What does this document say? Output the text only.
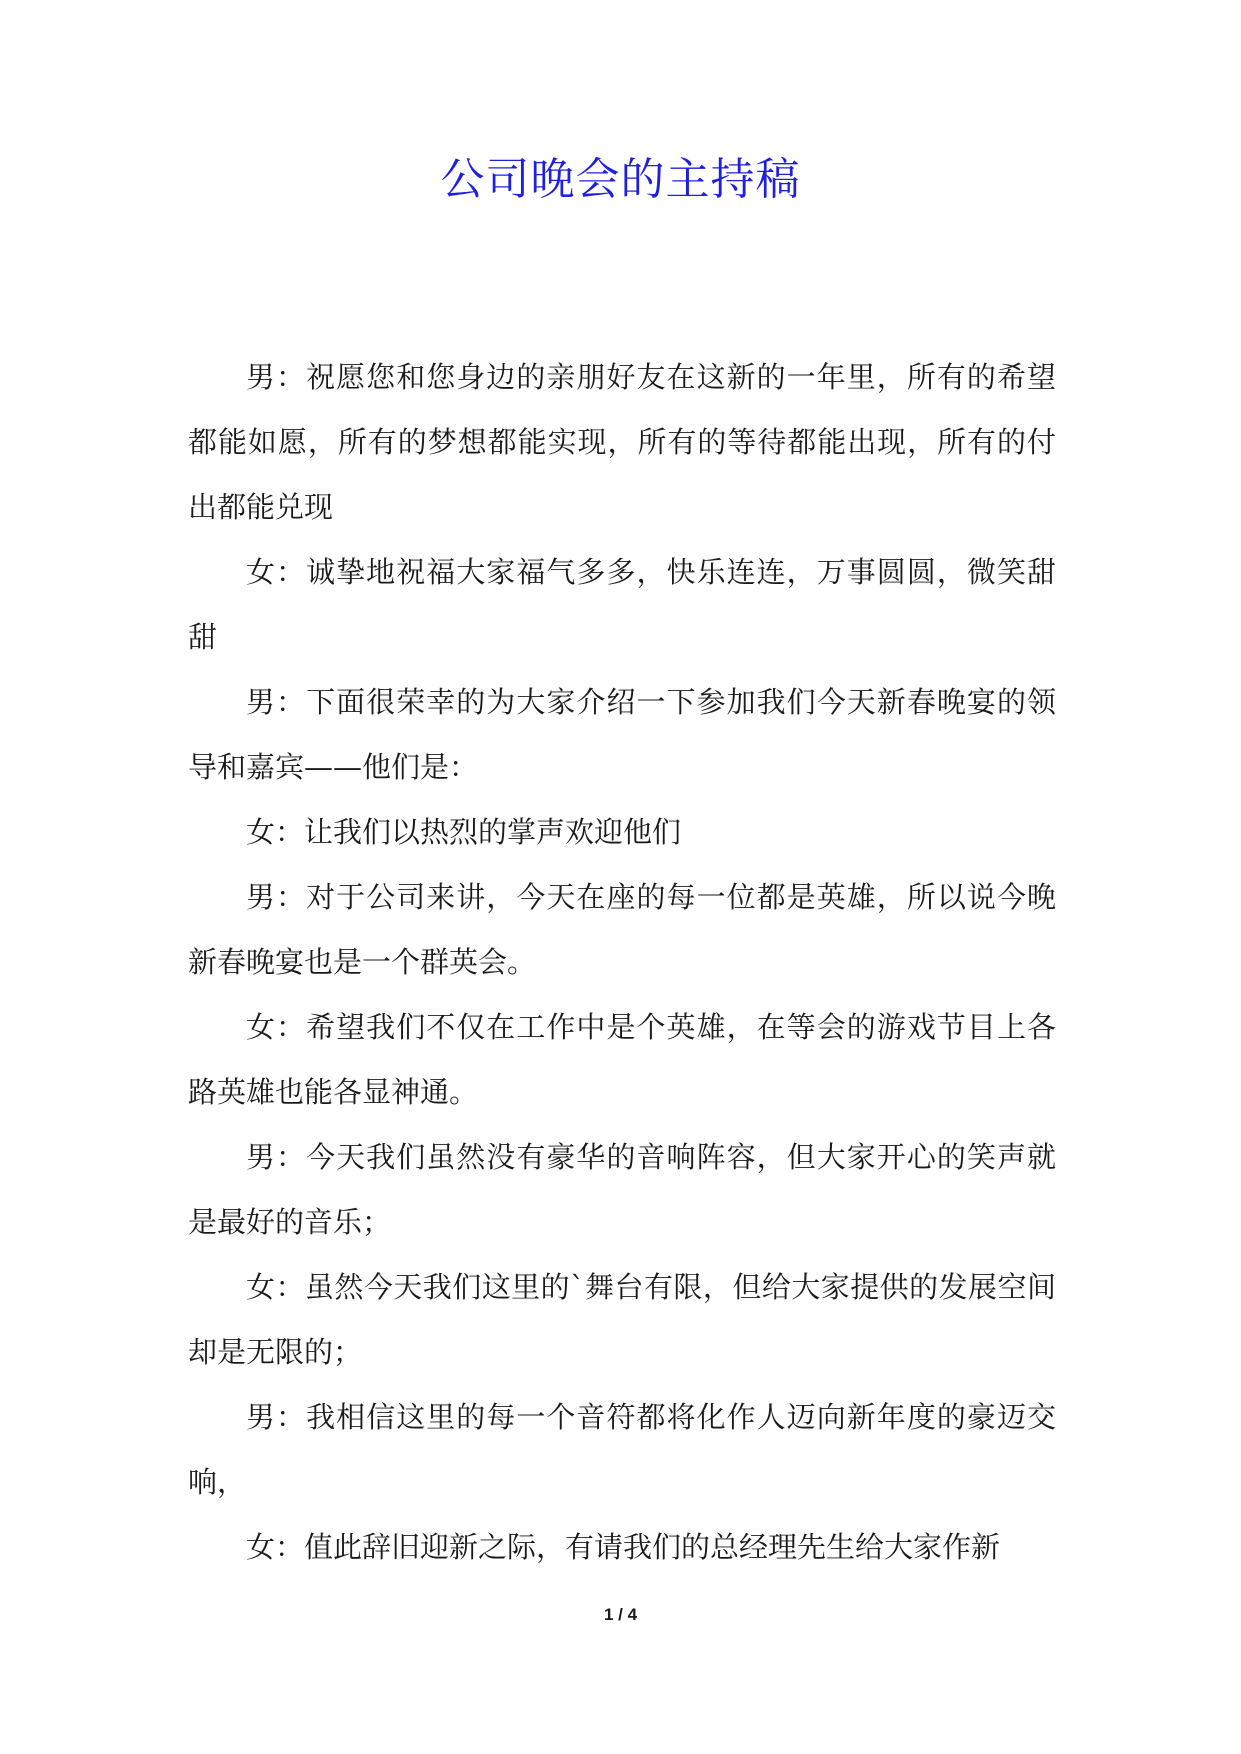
公司晚会的主持稿

男：祝愿您和您身边的亲朋好友在这新的一年里，所有的希望都能如愿，所有的梦想都能实现，所有的等待都能出现，所有的付出都能兑现

女：诚挚地祝福大家福气多多，快乐连连，万事圆圆，微笑甜甜

男：下面很荣幸的为大家介绍一下参加我们今天新春晚宴的领导和嘉宾——他们是：

女：让我们以热烈的掌声欢迎他们

男：对于公司来讲，今天在座的每一位都是英雄，所以说今晚新春晚宴也是一个群英会。

女：希望我们不仅在工作中是个英雄，在等会的游戏节目上各路英雄也能各显神通。

男：今天我们虽然没有豪华的音响阵容，但大家开心的笑声就是最好的音乐；

女：虽然今天我们这里的`舞台有限，但给大家提供的发展空间却是无限的；

男：我相信这里的每一个音符都将化作人迈向新年度的豪迈交响，

女：值此辞旧迎新之际，有请我们的总经理先生给大家作新

1 / 4
